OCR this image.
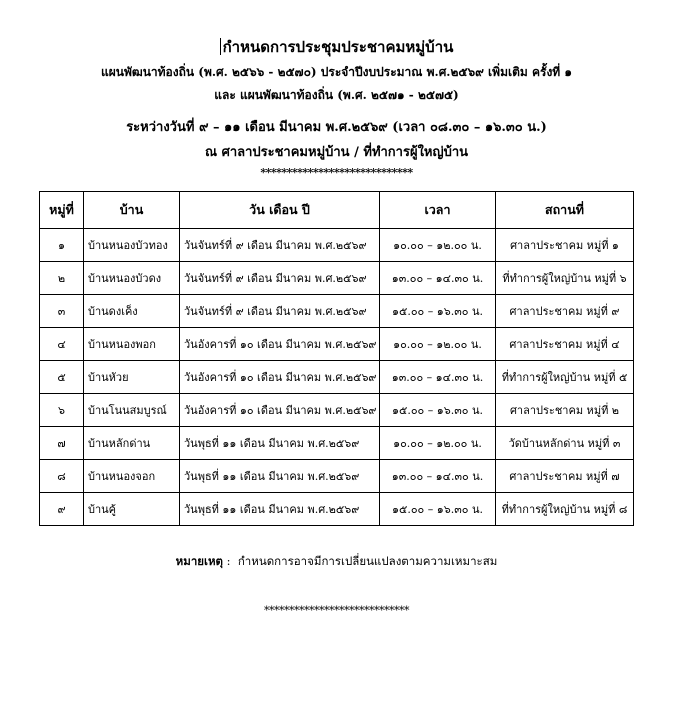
กำหนดการประชุมประชาคมหมู่บ้าน
แผนพัฒนาท้องถิ่น (พ.ศ. ๒๕๖๖ - ๒๕๗๐) ประจำปีงบประมาณ พ.ศ.๒๕๖๙ เพิ่มเติม ครั้งที่ ๑
และ แผนพัฒนาท้องถิ่น (พ.ศ. ๒๕๗๑ - ๒๕๗๕)
ระหว่างวันที่ ๙ – ๑๑ เดือน มีนาคม พ.ศ.๒๕๖๙ (เวลา ๐๘.๓๐ – ๑๖.๓๐ น.)
ณ ศาลาประชาคมหมู่บ้าน / ที่ทำการผู้ใหญ่บ้าน
*****************************
หมู่ที่	บ้าน	วัน เดือน ปี	เวลา	สถานที่
๑	บ้านหนองบัวทอง	วันจันทร์ที่ ๙ เดือน มีนาคม พ.ศ.๒๕๖๙	๑๐.๐๐ – ๑๒.๐๐ น.	ศาลาประชาคม หมู่ที่ ๑
๒	บ้านหนองบัวดง	วันจันทร์ที่ ๙ เดือน มีนาคม พ.ศ.๒๕๖๙	๑๓.๐๐ – ๑๔.๓๐ น.	ที่ทำการผู้ใหญ่บ้าน หมู่ที่ ๖
๓	บ้านดงเค็ง	วันจันทร์ที่ ๙ เดือน มีนาคม พ.ศ.๒๕๖๙	๑๕.๐๐ – ๑๖.๓๐ น.	ศาลาประชาคม หมู่ที่ ๙
๔	บ้านหนองพอก	วันอังคารที่ ๑๐ เดือน มีนาคม พ.ศ.๒๕๖๙	๑๐.๐๐ – ๑๒.๐๐ น.	ศาลาประชาคม หมู่ที่ ๔
๕	บ้านหัวย	วันอังคารที่ ๑๐ เดือน มีนาคม พ.ศ.๒๕๖๙	๑๓.๐๐ – ๑๔.๓๐ น.	ที่ทำการผู้ใหญ่บ้าน หมู่ที่ ๕
๖	บ้านโนนสมบูรณ์	วันอังคารที่ ๑๐ เดือน มีนาคม พ.ศ.๒๕๖๙	๑๕.๐๐ – ๑๖.๓๐ น.	ศาลาประชาคม หมู่ที่ ๒
๗	บ้านหลักด่าน	วันพุธที่ ๑๑ เดือน มีนาคม พ.ศ.๒๕๖๙	๑๐.๐๐ – ๑๒.๐๐ น.	วัดบ้านหลักด่าน หมู่ที่ ๓
๘	บ้านหนองจอก	วันพุธที่ ๑๑ เดือน มีนาคม พ.ศ.๒๕๖๙	๑๓.๐๐ – ๑๔.๓๐ น.	ศาลาประชาคม หมู่ที่ ๗
๙	บ้านคู้	วันพุธที่ ๑๑ เดือน มีนาคม พ.ศ.๒๕๖๙	๑๕.๐๐ – ๑๖.๓๐ น.	ที่ทำการผู้ใหญ่บ้าน หมู่ที่ ๘
หมายเหตุ :  กำหนดการอาจมีการเปลี่ยนแปลงตามความเหมาะสม
*****************************
